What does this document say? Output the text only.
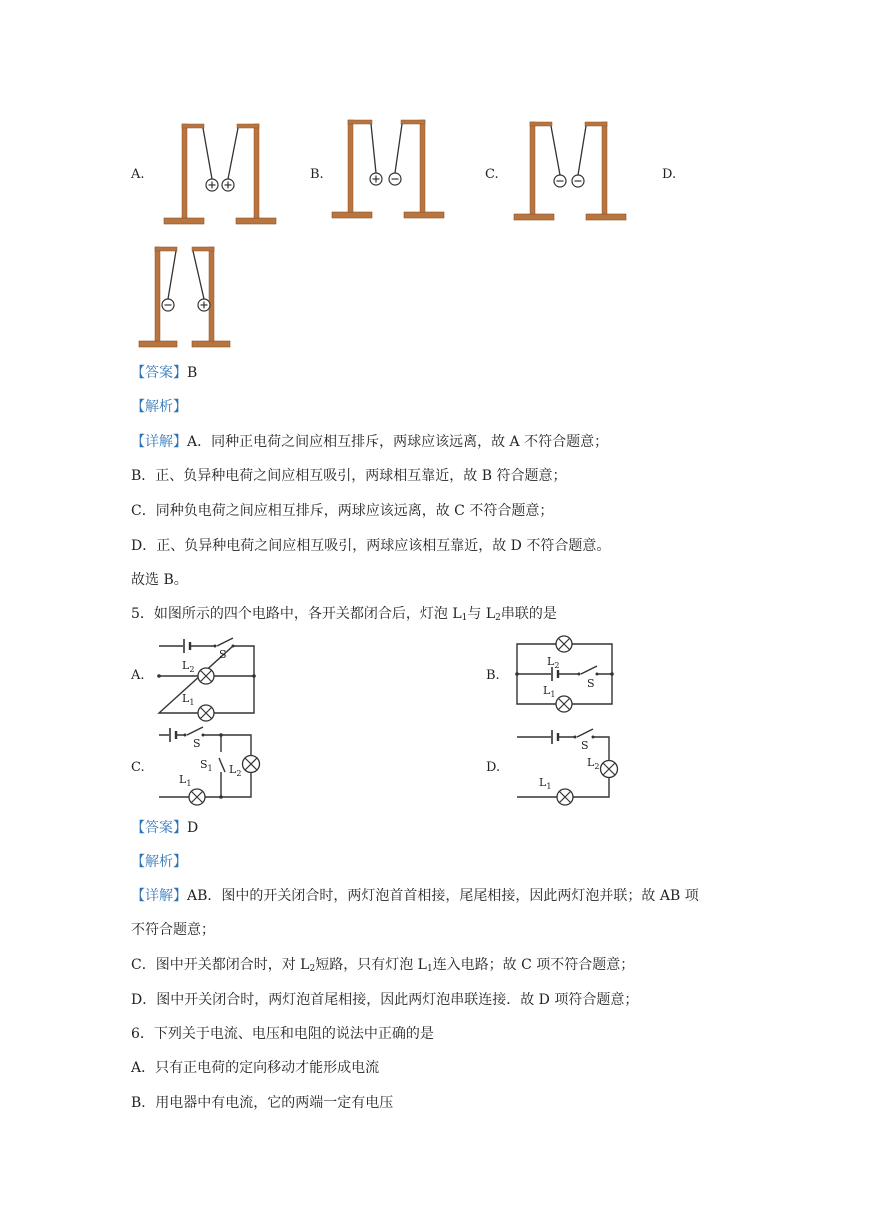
A.	B.	C.	D.
【答案】B
【解析】
【详解】A．同种正电荷之间应相互排斥，两球应该远离，故 A 不符合题意；
B．正、负异种电荷之间应相互吸引，两球相互靠近，故 B 符合题意；
C．同种负电荷之间应相互排斥，两球应该远离，故 C 不符合题意；
D．正、负异种电荷之间应相互吸引，两球应该相互靠近，故 D 不符合题意。
故选 B。
5．如图所示的四个电路中，各开关都闭合后，灯泡 $L_1$与 $L_2$串联的是
A.	B.
C.	D.
S
$L_2$
$L_1$
$L_2$
S
$L_1$
S
$S_1$ $L_2$
$L_1$
S
$L_2$
$L_1$
【答案】D
【解析】
【详解】AB．图中的开关闭合时，两灯泡首首相接，尾尾相接，因此两灯泡并联；故 AB 项
不符合题意；
C．图中开关都闭合时，对 $L_2$短路，只有灯泡 $L_1$连入电路；故 C 项不符合题意；
D．图中开关闭合时，两灯泡首尾相接，因此两灯泡串联连接．故 D 项符合题意；
6．下列关于电流、电压和电阻的说法中正确的是
A．只有正电荷的定向移动才能形成电流
B．用电器中有电流，它的两端一定有电压
